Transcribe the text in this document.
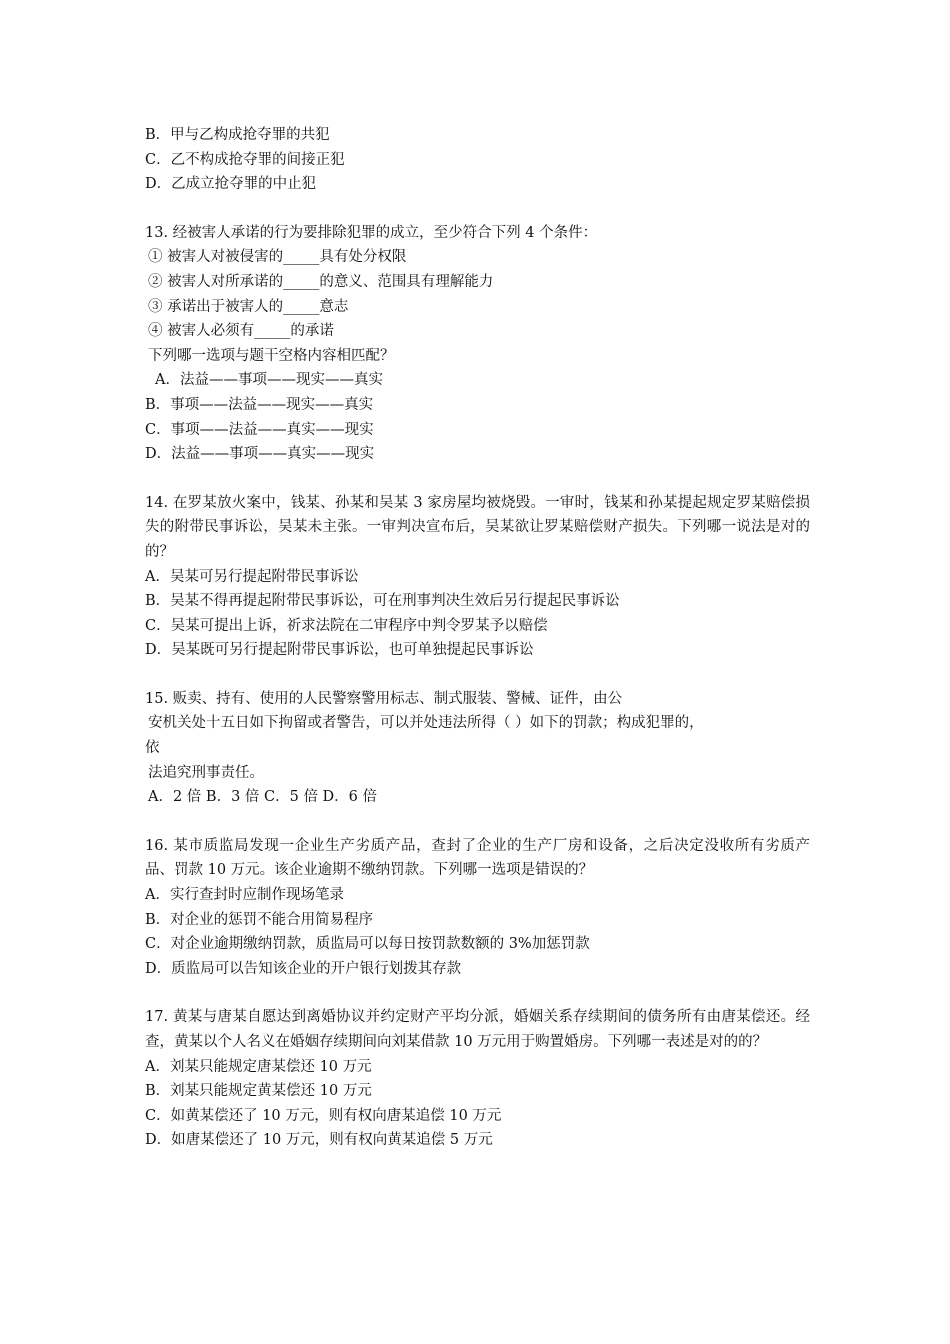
B．甲与乙构成抢夺罪的共犯
C．乙不构成抢夺罪的间接正犯
D．乙成立抢夺罪的中止犯
13. 经被害人承诺的行为要排除犯罪的成立，至少符合下列 4 个条件：
① 被害人对被侵害的_____具有处分权限
② 被害人对所承诺的_____的意义、范围具有理解能力
③ 承诺出于被害人的_____意志
④ 被害人必须有_____的承诺
下列哪一选项与题干空格内容相匹配？
A．法益——事项——现实——真实
B．事项——法益——现实——真实
C．事项——法益——真实——现实
D．法益——事项——真实——现实
14. 在罗某放火案中，钱某、孙某和吴某 3 家房屋均被烧毁。一审时，钱某和孙某提起规定罗某赔偿损失的附带民事诉讼，吴某未主张。一审判决宣布后，吴某欲让罗某赔偿财产损失。下列哪一说法是对的的？
A．吴某可另行提起附带民事诉讼
B．吴某不得再提起附带民事诉讼，可在刑事判决生效后另行提起民事诉讼
C．吴某可提出上诉，祈求法院在二审程序中判令罗某予以赔偿
D．吴某既可另行提起附带民事诉讼，也可单独提起民事诉讼
15. 贩卖、持有、使用的人民警察警用标志、制式服装、警械、证件，由公
安机关处十五日如下拘留或者警告，可以并处违法所得（ ）如下的罚款；构成犯罪的，
依
法追究刑事责任。
A．2 倍 B．3 倍 C．5 倍 D．6 倍
16. 某市质监局发现一企业生产劣质产品，查封了企业的生产厂房和设备，之后决定没收所有劣质产品、罚款 10 万元。该企业逾期不缴纳罚款。下列哪一选项是错误的？
A．实行查封时应制作现场笔录
B．对企业的惩罚不能合用简易程序
C．对企业逾期缴纳罚款，质监局可以每日按罚款数额的 3%加惩罚款
D．质监局可以告知该企业的开户银行划拨其存款
17. 黄某与唐某自愿达到离婚协议并约定财产平均分派，婚姻关系存续期间的债务所有由唐某偿还。经查，黄某以个人名义在婚姻存续期间向刘某借款 10 万元用于购置婚房。下列哪一表述是对的的？
A．刘某只能规定唐某偿还 10 万元
B．刘某只能规定黄某偿还 10 万元
C．如黄某偿还了 10 万元，则有权向唐某追偿 10 万元
D．如唐某偿还了 10 万元，则有权向黄某追偿 5 万元
